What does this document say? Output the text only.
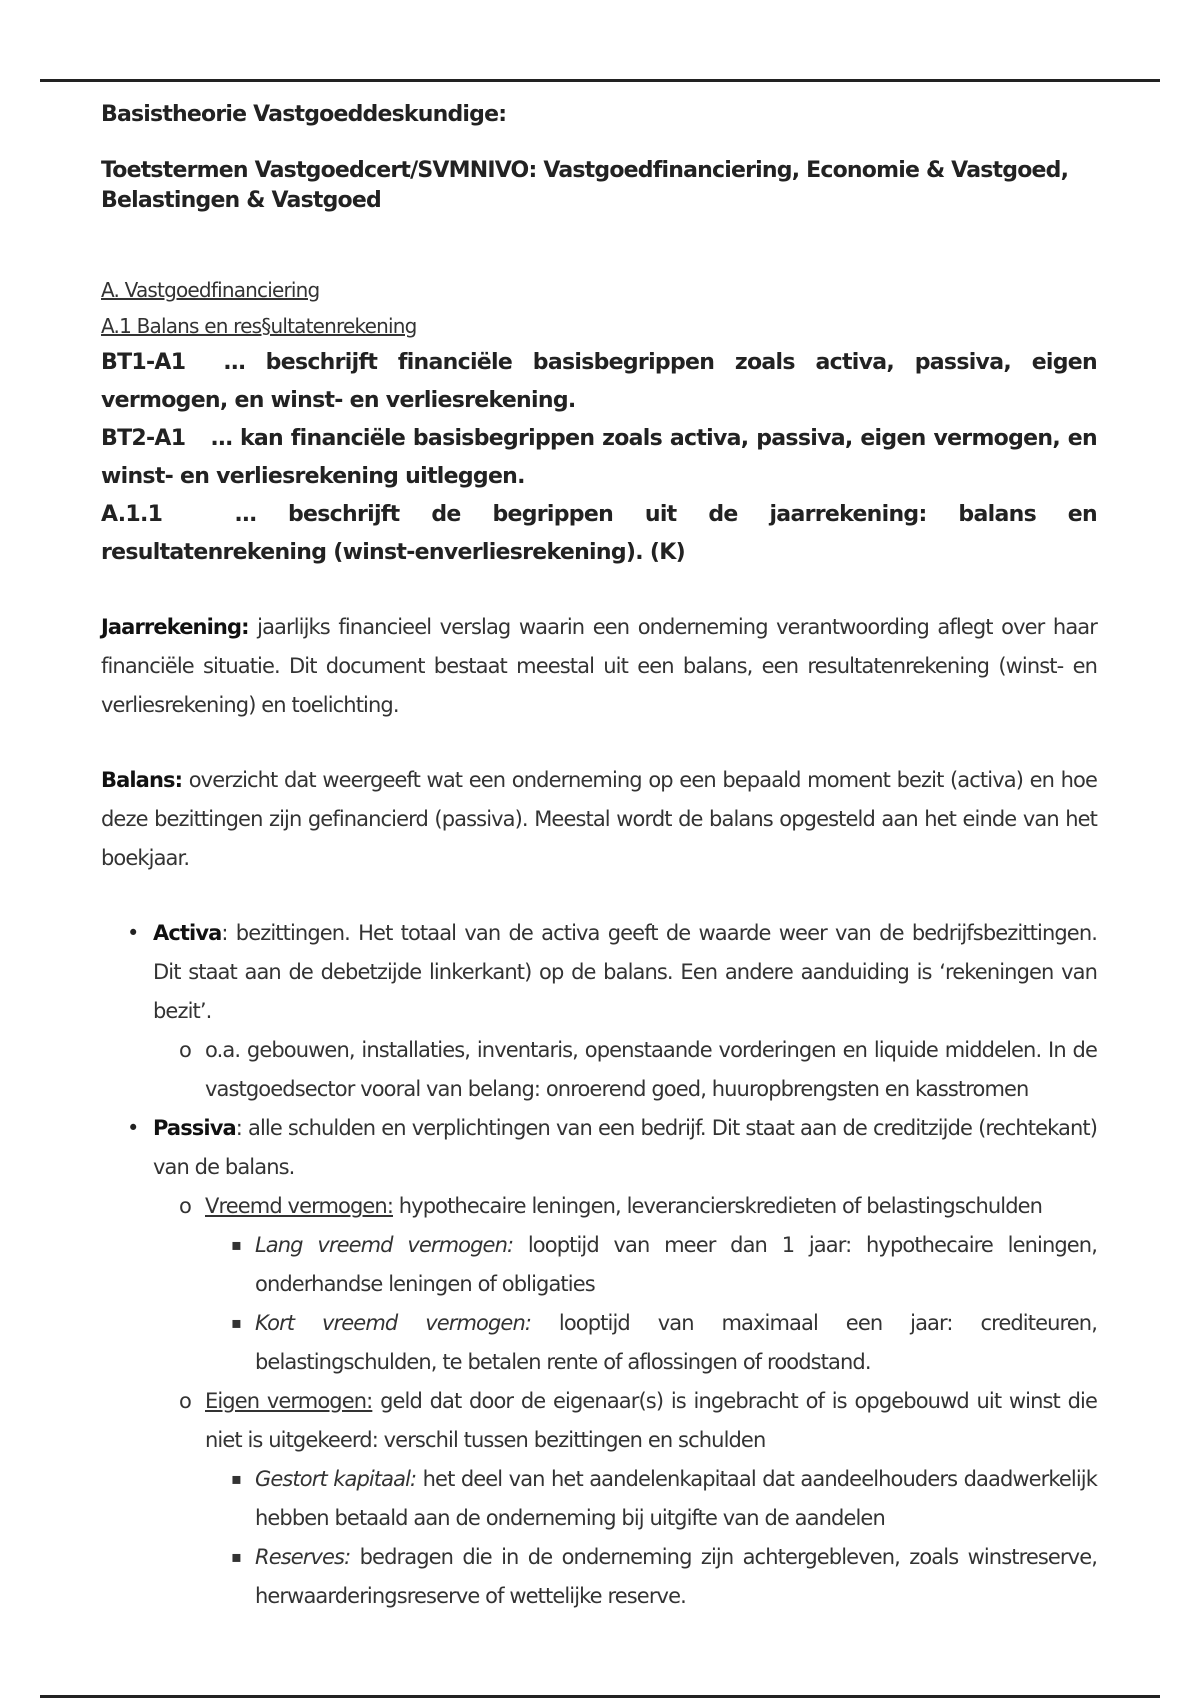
Basistheorie Vastgoeddeskundige:
Toetstermen Vastgoedcert/SVMNIVO: Vastgoedfinanciering, Economie & Vastgoed, Belastingen & Vastgoed
A. Vastgoedfinanciering
A.1 Balans en res§ultatenrekening

BT1-A1 … beschrijft financiële basisbegrippen zoals activa, passiva, eigen vermogen, en winst- en verliesrekening.

BT2-A1 … kan financiële basisbegrippen zoals activa, passiva, eigen vermogen, en winst- en verliesrekening uitleggen.

A.1.1	… beschrijft de begrippen uit de jaarrekening: balans en resultatenrekening (winst-enverliesrekening). (K)

Jaarrekening: jaarlijks financieel verslag waarin een onderneming verantwoording aflegt over haar financiële situatie. Dit document bestaat meestal uit een balans, een resultatenrekening (winst- en verliesrekening) en toelichting.

Balans: overzicht dat weergeeft wat een onderneming op een bepaald moment bezit (activa) en hoe deze bezittingen zijn gefinancierd (passiva). Meestal wordt de balans opgesteld aan het einde van het boekjaar.

• Activa: bezittingen. Het totaal van de activa geeft de waarde weer van de bedrijfsbezittingen. Dit staat aan de debetzijde linkerkant) op de balans. Een andere aanduiding is ‘rekeningen van bezit’.
o o.a. gebouwen, installaties, inventaris, openstaande vorderingen en liquide middelen. In de vastgoedsector vooral van belang: onroerend goed, huuropbrengsten en kasstromen
• Passiva: alle schulden en verplichtingen van een bedrijf. Dit staat aan de creditzijde (rechtekant) van de balans.
o Vreemd vermogen: hypothecaire leningen, leverancierskredieten of belastingschulden
▪ Lang vreemd vermogen: looptijd van meer dan 1 jaar: hypothecaire leningen, onderhandse leningen of obligaties
▪ Kort vreemd vermogen: looptijd van maximaal een jaar: crediteuren, belastingschulden, te betalen rente of aflossingen of roodstand.
o Eigen vermogen: geld dat door de eigenaar(s) is ingebracht of is opgebouwd uit winst die niet is uitgekeerd: verschil tussen bezittingen en schulden
▪ Gestort kapitaal: het deel van het aandelenkapitaal dat aandeelhouders daadwerkelijk hebben betaald aan de onderneming bij uitgifte van de aandelen
▪ Reserves: bedragen die in de onderneming zijn achtergebleven, zoals winstreserve, herwaarderingsreserve of wettelijke reserve.
